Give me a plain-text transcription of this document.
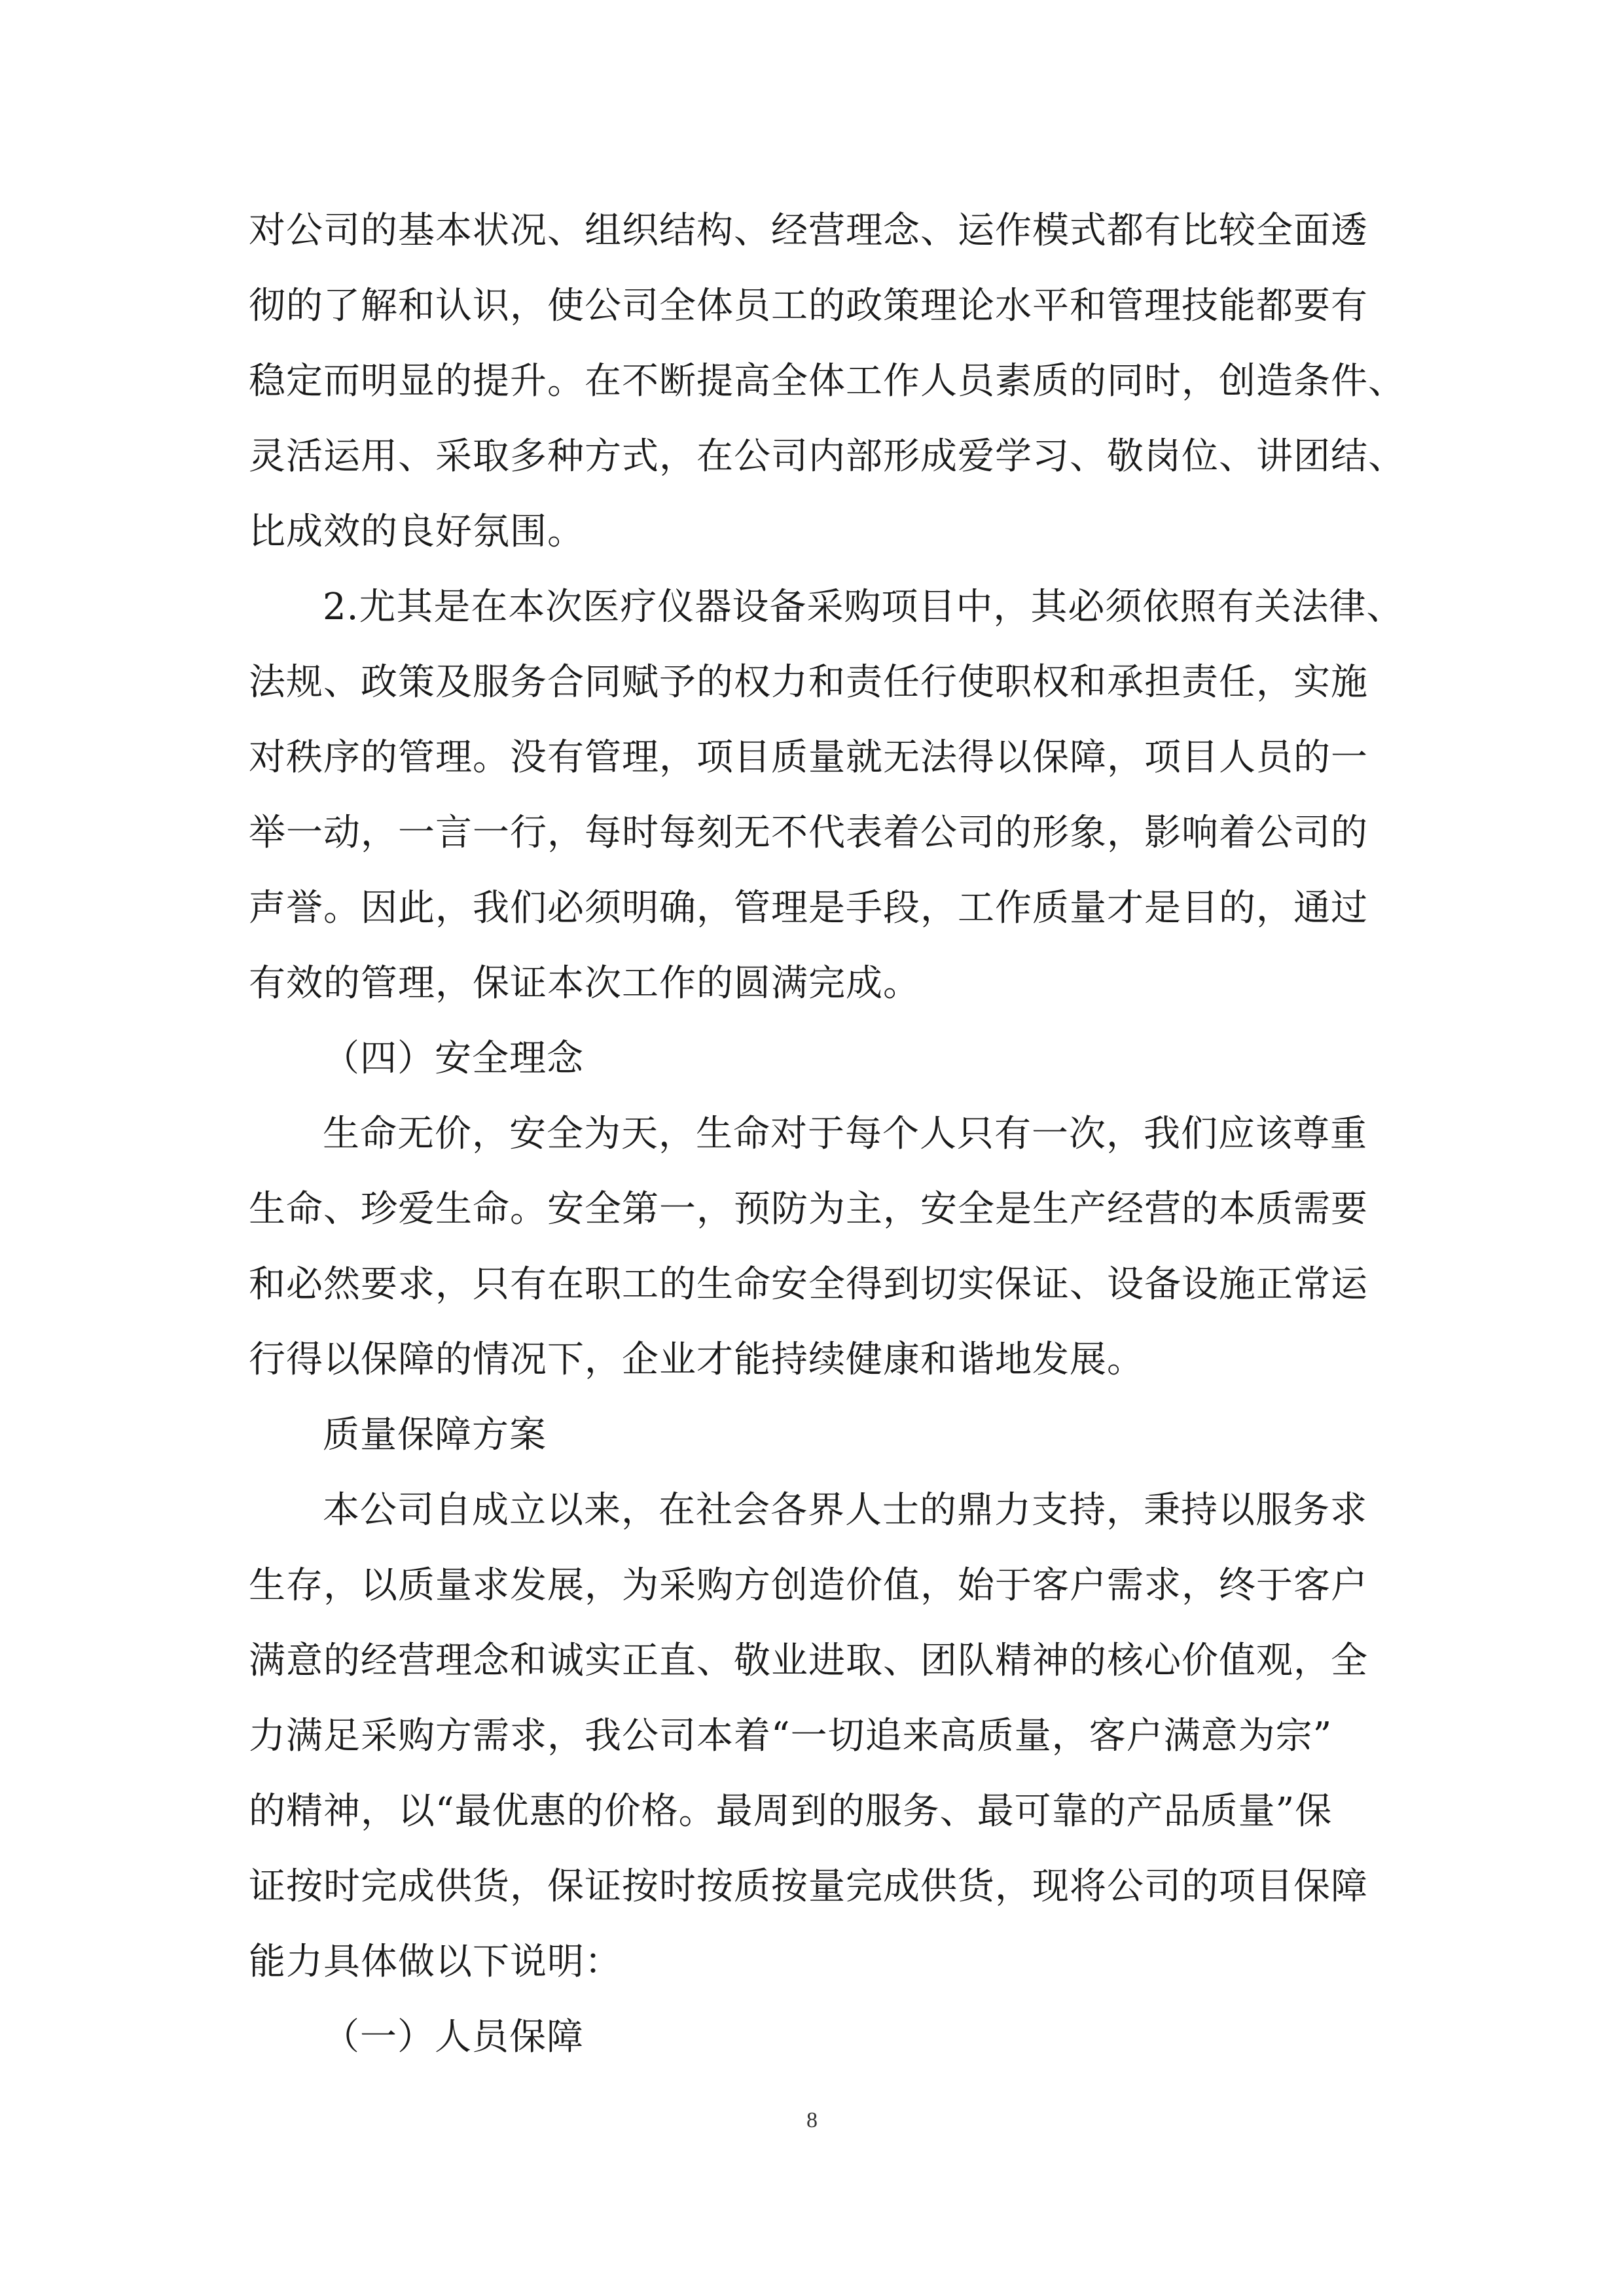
对公司的基本状况、组织结构、经营理念、运作模式都有比较全面透
彻的了解和认识，使公司全体员工的政策理论水平和管理技能都要有
稳定而明显的提升。在不断提高全体工作人员素质的同时，创造条件、
灵活运用、采取多种方式，在公司内部形成爱学习、敬岗位、讲团结、
比成效的良好氛围。
2.尤其是在本次医疗仪器设备采购项目中，其必须依照有关法律、
法规、政策及服务合同赋予的权力和责任行使职权和承担责任，实施
对秩序的管理。没有管理，项目质量就无法得以保障，项目人员的一
举一动，一言一行，每时每刻无不代表着公司的形象，影响着公司的
声誉。因此，我们必须明确，管理是手段，工作质量才是目的，通过
有效的管理，保证本次工作的圆满完成。
（四）安全理念
生命无价，安全为天，生命对于每个人只有一次，我们应该尊重
生命、珍爱生命。安全第一，预防为主，安全是生产经营的本质需要
和必然要求，只有在职工的生命安全得到切实保证、设备设施正常运
行得以保障的情况下，企业才能持续健康和谐地发展。
质量保障方案
本公司自成立以来，在社会各界人士的鼎力支持，秉持以服务求
生存，以质量求发展，为采购方创造价值，始于客户需求，终于客户
满意的经营理念和诚实正直、敬业进取、团队精神的核心价值观，全
力满足采购方需求，我公司本着“一切追来高质量，客户满意为宗”
的精神，以“最优惠的价格。最周到的服务、最可靠的产品质量”保
证按时完成供货，保证按时按质按量完成供货，现将公司的项目保障
能力具体做以下说明：
（一）人员保障
8
